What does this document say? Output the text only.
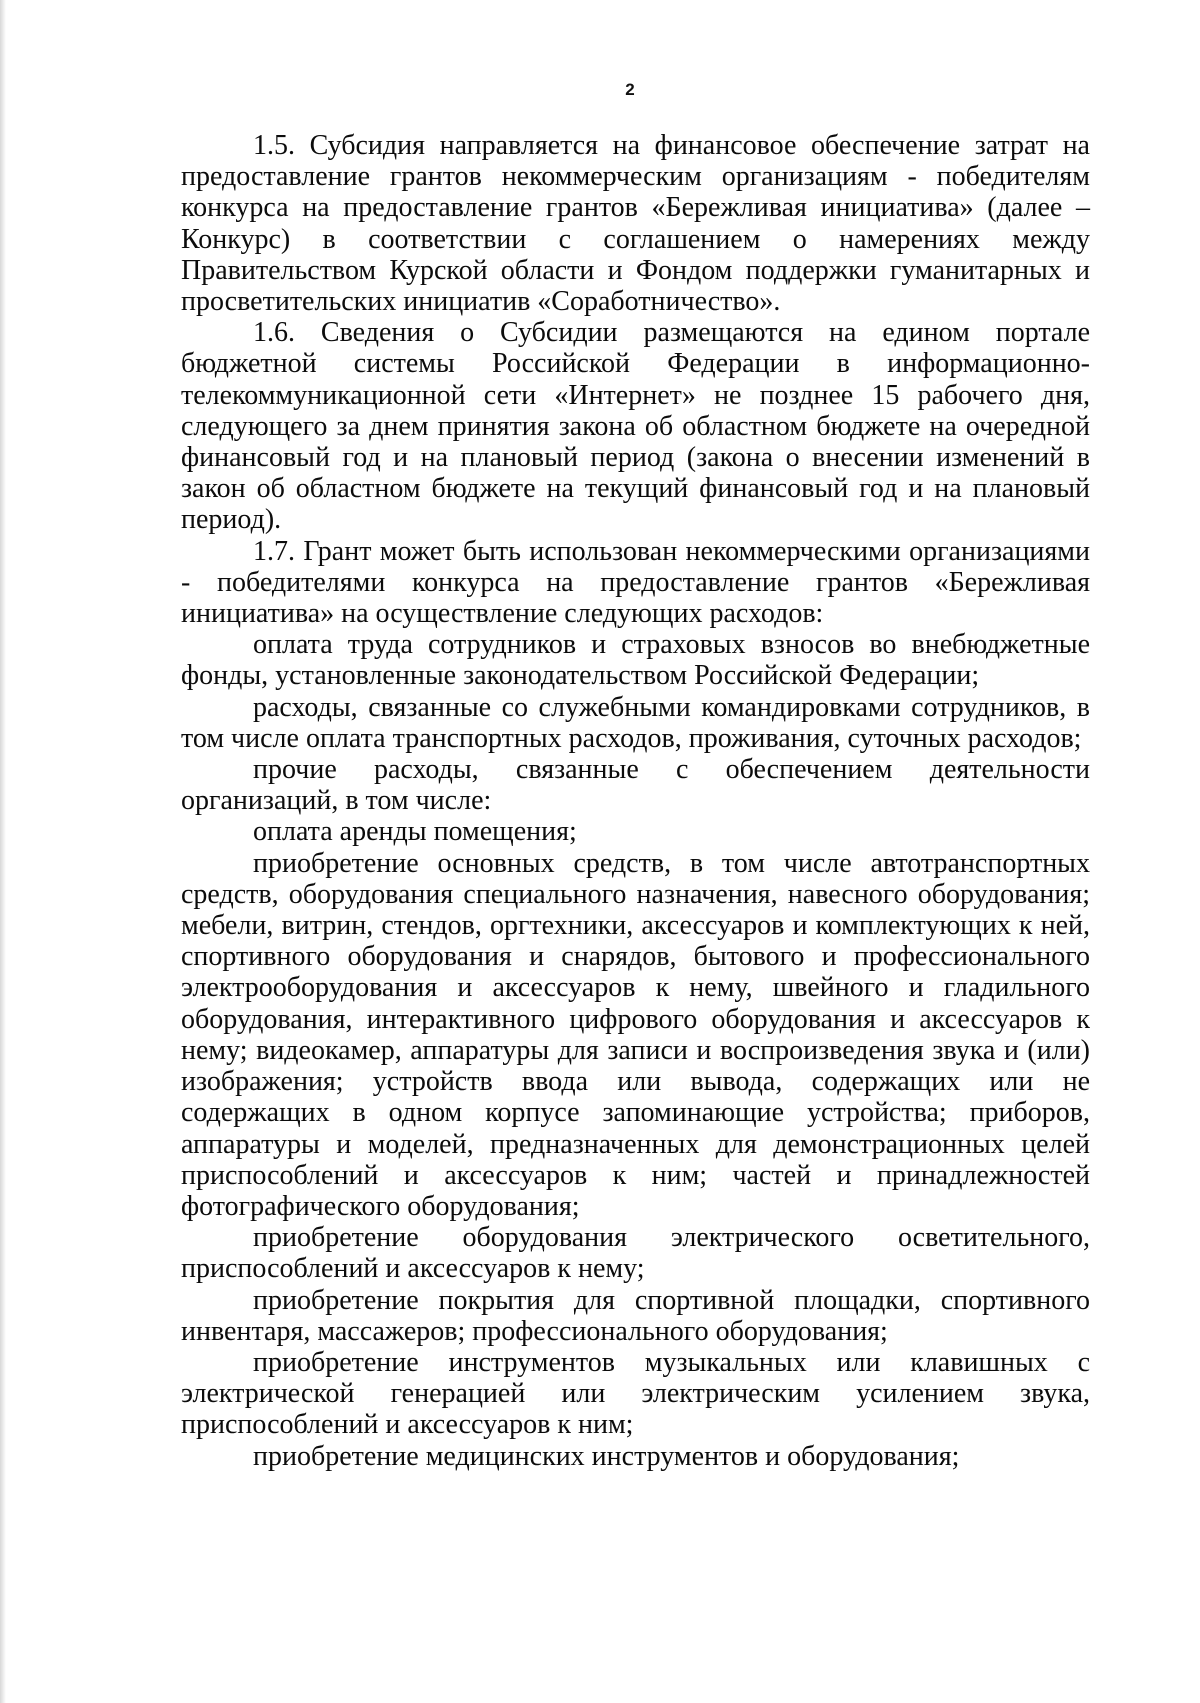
2

1.5. Субсидия направляется на финансовое обеспечение затрат на предоставление грантов некоммерческим организациям - победителям конкурса на предоставление грантов «Бережливая инициатива» (далее – Конкурс) в соответствии с соглашением о намерениях между Правительством Курской области и Фондом поддержки гуманитарных и просветительских инициатив «Соработничество».

1.6. Сведения о Субсидии размещаются на едином портале бюджетной системы Российской Федерации в информационно-телекоммуникационной сети «Интернет» не позднее 15 рабочего дня, следующего за днем принятия закона об областном бюджете на очередной финансовый год и на плановый период (закона о внесении изменений в закон об областном бюджете на текущий финансовый год и на плановый период).

1.7. Грант может быть использован некоммерческими организациями - победителями конкурса на предоставление грантов «Бережливая инициатива» на осуществление следующих расходов:

оплата труда сотрудников и страховых взносов во внебюджетные фонды, установленные законодательством Российской Федерации;

расходы, связанные со служебными командировками сотрудников, в том числе оплата транспортных расходов, проживания, суточных расходов;

прочие расходы, связанные с обеспечением деятельности организаций, в том числе:

оплата аренды помещения;

приобретение основных средств, в том числе автотранспортных средств, оборудования специального назначения, навесного оборудования; мебели, витрин, стендов, оргтехники, аксессуаров и комплектующих к ней, спортивного оборудования и снарядов, бытового и профессионального электрооборудования и аксессуаров к нему, швейного и гладильного оборудования, интерактивного цифрового оборудования и аксессуаров к нему; видеокамер, аппаратуры для записи и воспроизведения звука и (или) изображения; устройств ввода или вывода, содержащих или не содержащих в одном корпусе запоминающие устройства; приборов, аппаратуры и моделей, предназначенных для демонстрационных целей приспособлений и аксессуаров к ним; частей и принадлежностей фотографического оборудования;

приобретение оборудования электрического осветительного, приспособлений и аксессуаров к нему;

приобретение покрытия для спортивной площадки, спортивного инвентаря, массажеров; профессионального оборудования;

приобретение инструментов музыкальных или клавишных с электрической генерацией или электрическим усилением звука, приспособлений и аксессуаров к ним;

приобретение медицинских инструментов и оборудования;
